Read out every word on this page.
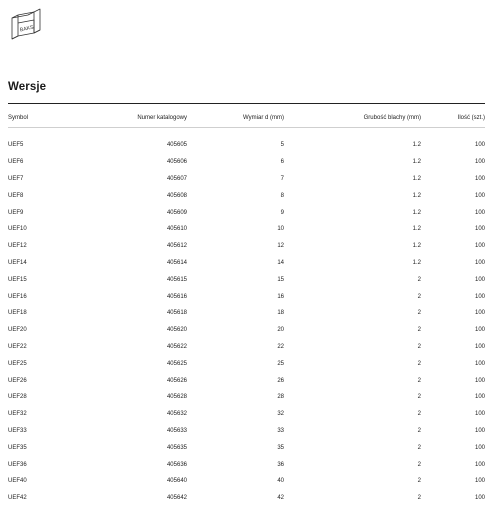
BAKS
Wersje
Symbol	Numer katalogowy	Wymiar d (mm)	Grubość blachy (mm)	Ilość (szt.)

UEF5	405605	5	1.2	100
UEF6	405606	6	1.2	100
UEF7	405607	7	1.2	100
UEF8	405608	8	1.2	100
UEF9	405609	9	1.2	100
UEF10	405610	10	1.2	100
UEF12	405612	12	1.2	100
UEF14	405614	14	1.2	100
UEF15	405615	15	2	100
UEF16	405616	16	2	100
UEF18	405618	18	2	100
UEF20	405620	20	2	100
UEF22	405622	22	2	100
UEF25	405625	25	2	100
UEF26	405626	26	2	100
UEF28	405628	28	2	100
UEF32	405632	32	2	100
UEF33	405633	33	2	100
UEF35	405635	35	2	100
UEF36	405636	36	2	100
UEF40	405640	40	2	100
UEF42	405642	42	2	100
